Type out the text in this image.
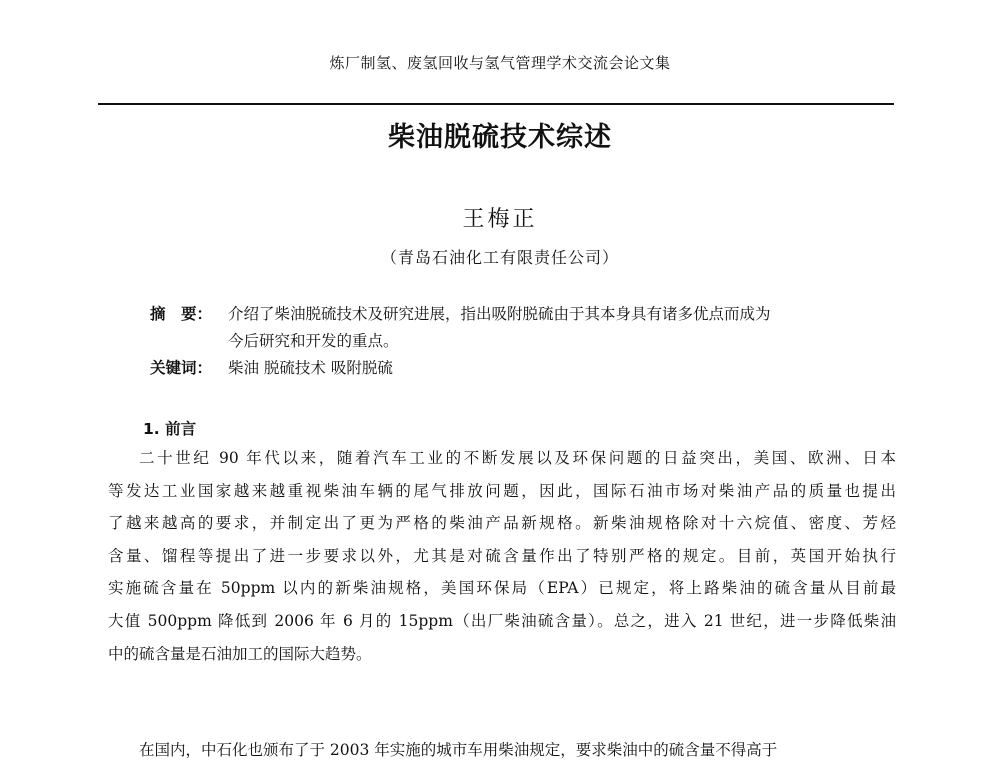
炼厂制氢、废氢回收与氢气管理学术交流会论文集
柴油脱硫技术综述
王梅正
（青岛石油化工有限责任公司）
摘　要：	介绍了柴油脱硫技术及研究进展，指出吸附脱硫由于其本身具有诸多优点而成为
今后研究和开发的重点。
关键词：	柴油 脱硫技术 吸附脱硫
1. 前言
二十世纪 90 年代以来，随着汽车工业的不断发展以及环保问题的日益突出，美国、欧洲、日本
等发达工业国家越来越重视柴油车辆的尾气排放问题，因此，国际石油市场对柴油产品的质量也提出
了越来越高的要求，并制定出了更为严格的柴油产品新规格。新柴油规格除对十六烷值、密度、芳烃
含量、馏程等提出了进一步要求以外，尤其是对硫含量作出了特别严格的规定。目前，英国开始执行
实施硫含量在 50ppm 以内的新柴油规格，美国环保局（EPA）已规定，将上路柴油的硫含量从目前最
大值 500ppm 降低到 2006 年 6 月的 15ppm（出厂柴油硫含量）。总之，进入 21 世纪，进一步降低柴油
中的硫含量是石油加工的国际大趋势。
在国内，中石化也颁布了于 2003 年实施的城市车用柴油规定，要求柴油中的硫含量不得高于
